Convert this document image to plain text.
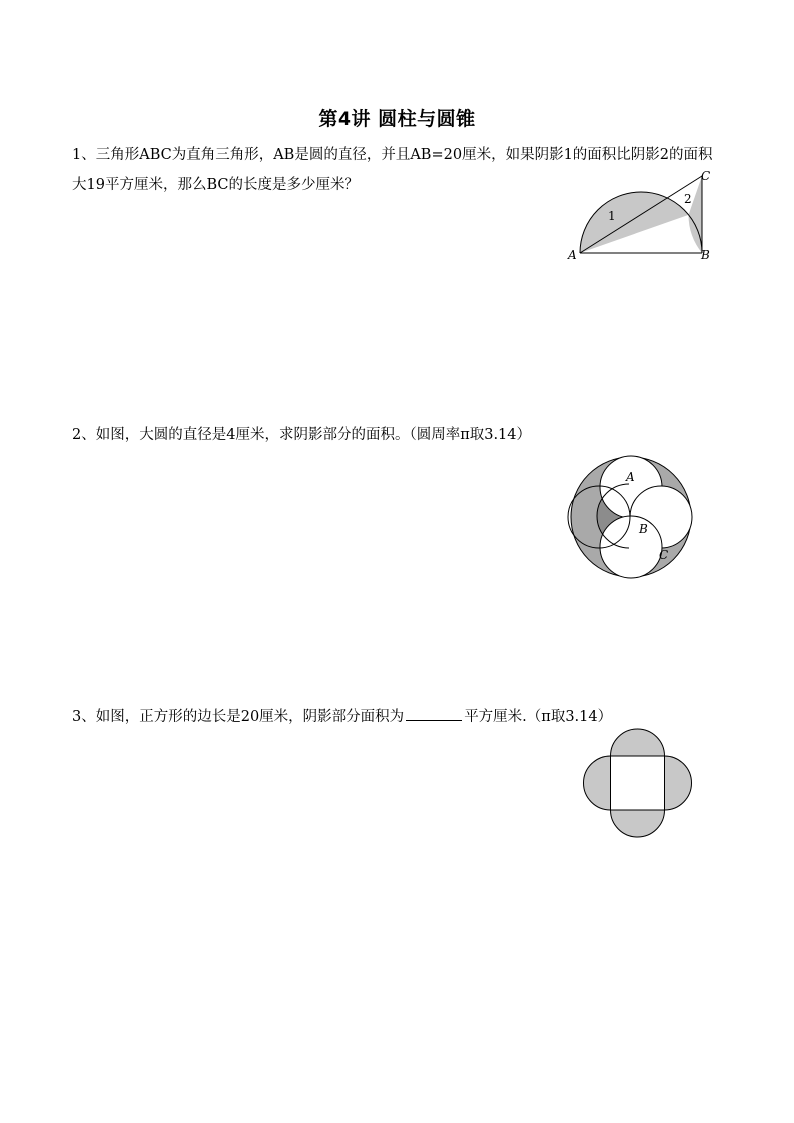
第4讲 圆柱与圆锥
1、三角形ABC为直角三角形，AB是圆的直径，并且AB=20厘米，如果阴影1的面积比阴影2的面积大19平方厘米，那么BC的长度是多少厘米？
A	B
C
1
2
2、如图，大圆的直径是4厘米，求阴影部分的面积。（圆周率π取3.14）
A
B
C
3、如图，正方形的边长是20厘米，阴影部分面积为	平方厘米.（π取3.14）
